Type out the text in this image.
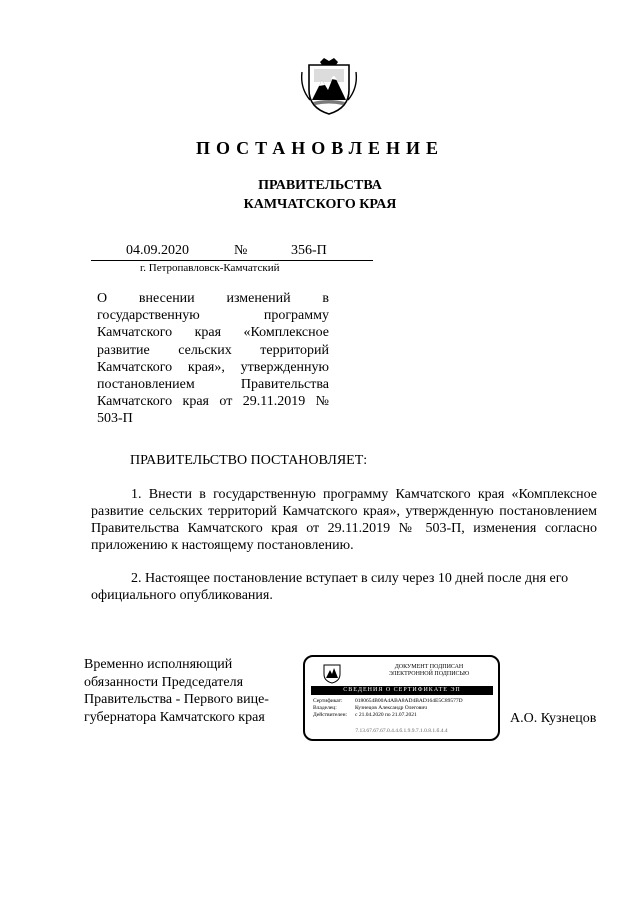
ПОСТАНОВЛЕНИЕ
ПРАВИТЕЛЬСТВА
КАМЧАТСКОГО КРАЯ
04.09.2020	№	356-П
г. Петропавловск-Камчатский
О внесении изменений в государственную программу Камчатского края «Комплексное развитие сельских территорий Камчатского края», утвержденную постановлением Правительства Камчатского края от 29.11.2019 № 503-П
ПРАВИТЕЛЬСТВО ПОСТАНОВЛЯЕТ:

1. Внести в государственную программу Камчатского края «Комплексное развитие сельских территорий Камчатского края», утвержденную постановлением Правительства Камчатского края от 29.11.2019 № 503-П, изменения согласно приложению к настоящему постановлению.

2. Настоящее постановление вступает в силу через 10 дней после дня его официального опубликования.

Временно исполняющий
обязанности Председателя
Правительства - Первого вице-
губернатора Камчатского края	А.О. Кузнецов
ДОКУМЕНТ ПОДПИСАН
ЭЛЕКТРОННОЙ ПОДПИСЬЮ
СВЕДЕНИЯ О СЕРТИФИКАТЕ ЭП
Сертификат:	0180654B00A4ABA8AD4BAD164E5C89577D
Владелец:	Кузнецов Александр Олегович
Действителен:	с 21.04.2020 по 21.07.2021
7.13.67.67.67.0.4.4.б.1.9.9.7.1.0.8.1.б.4.4
